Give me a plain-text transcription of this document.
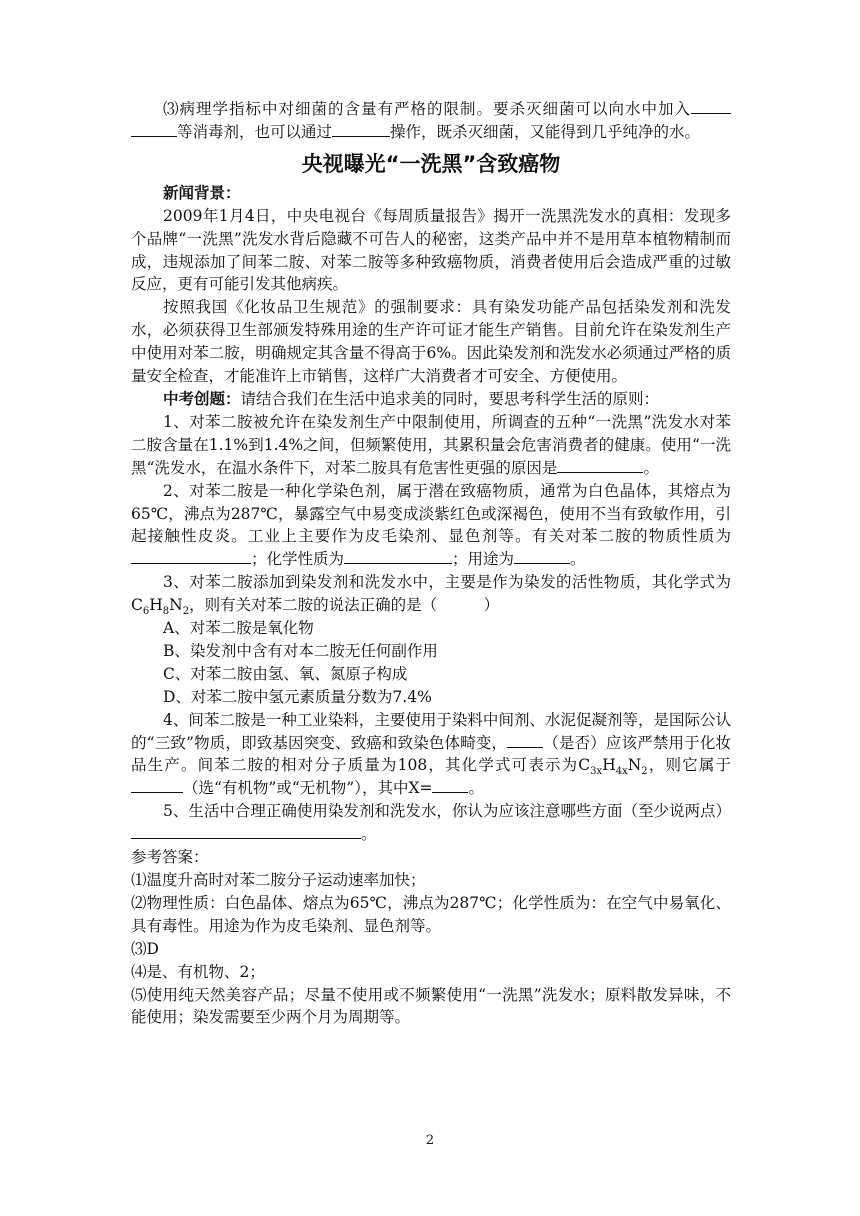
⑶病理学指标中对细菌的含量有严格的限制。要杀灭细菌可以向水中加入等消毒剂，也可以通过	操作，既杀灭细菌，又能得到几乎纯净的水。

央视曝光“一洗黑”含致癌物

新闻背景：

2009年1月4日，中央电视台《每周质量报告》揭开一洗黑洗发水的真相：发现多个品牌“一洗黑”洗发水背后隐藏不可告人的秘密，这类产品中并不是用草本植物精制而成，违规添加了间苯二胺、对苯二胺等多种致癌物质，消费者使用后会造成严重的过敏反应，更有可能引发其他病疾。

按照我国《化妆品卫生规范》的强制要求：具有染发功能产品包括染发剂和洗发水，必须获得卫生部颁发特殊用途的生产许可证才能生产销售。目前允许在染发剂生产中使用对苯二胺，明确规定其含量不得高于6%。因此染发剂和洗发水必须通过严格的质量安全检查，才能准许上市销售，这样广大消费者才可安全、方便使用。

中考创题：请结合我们在生活中追求美的同时，要思考科学生活的原则：

1、对苯二胺被允许在染发剂生产中限制使用，所调查的五种“一洗黑”洗发水对苯二胺含量在1.1%到1.4%之间，但频繁使用，其累积量会危害消费者的健康。使用“一洗黑“洗发水，在温水条件下，对苯二胺具有危害性更强的原因是	。

2、对苯二胺是一种化学染色剂，属于潜在致癌物质，通常为白色晶体，其熔点为65℃，沸点为287℃，暴露空气中易变成淡紫红色或深褐色，使用不当有致敏作用，引起接触性皮炎。工业上主要作为皮毛染剂、显色剂等。有关对苯二胺的物质性质为；化学性质为	；用途为	。

3、对苯二胺添加到染发剂和洗发水中，主要是作为染发的活性物质，其化学式为$C_6H_8N_2$，则有关对苯二胺的说法正确的是（　　　）

A、对苯二胺是氧化物

B、染发剂中含有对本二胺无任何副作用

C、对苯二胺由氢、氧、氮原子构成

D、对苯二胺中氢元素质量分数为7.4%

4、间苯二胺是一种工业染料，主要使用于染料中间剂、水泥促凝剂等，是国际公认的“三致”物质，即致基因突变、致癌和致染色体畸变， （是否）应该严禁用于化妆品生产。间苯二胺的相对分子质量为108，其化学式可表示为$C_{3x}H_{4x}N_2$，则它属于（选“有机物”或“无机物”），其中X= 。

5、生活中合理正确使用染发剂和洗发水，你认为应该注意哪些方面（至少说两点）。

参考答案：

⑴温度升高时对苯二胺分子运动速率加快；

⑵物理性质：白色晶体、熔点为65℃，沸点为287℃；化学性质为：在空气中易氧化、具有毒性。用途为作为皮毛染剂、显色剂等。

⑶D

⑷是、有机物、2；

⑸使用纯天然美容产品；尽量不使用或不频繁使用“一洗黑”洗发水；原料散发异味，不能使用；染发需要至少两个月为周期等。

2
